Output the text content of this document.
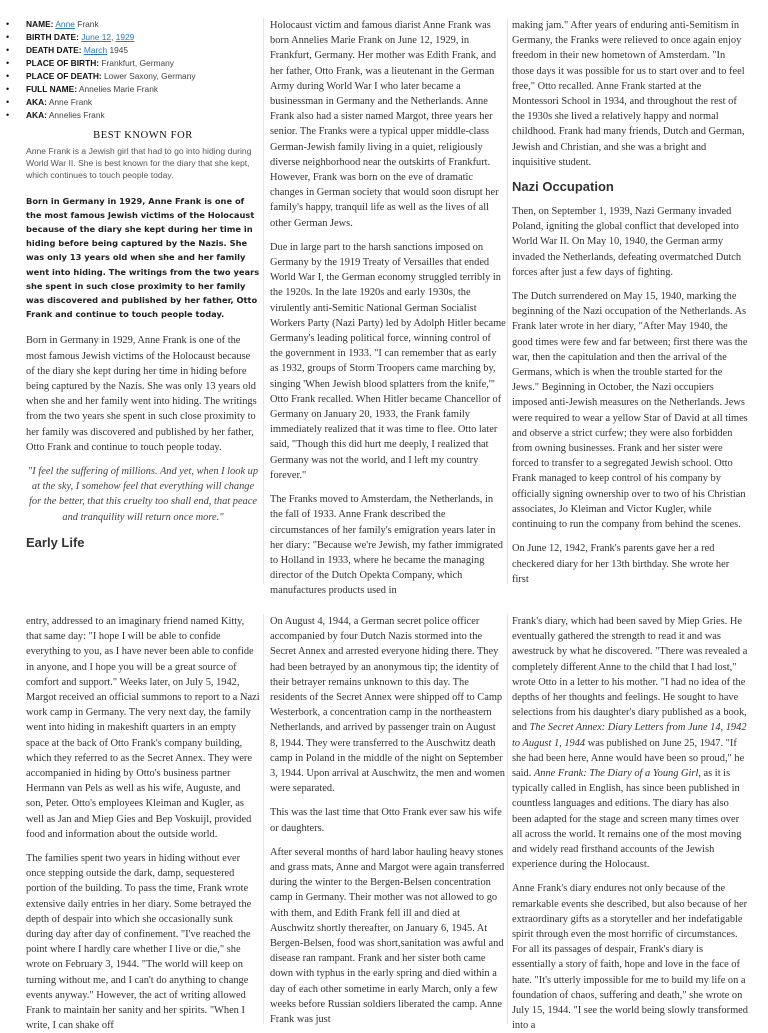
• NAME: Anne Frank
• BIRTH DATE: June 12, 1929
• DEATH DATE: March 1945
• PLACE OF BIRTH: Frankfurt, Germany
• PLACE OF DEATH: Lower Saxony, Germany
• FULL NAME: Annelies Marie Frank
• AKA: Anne Frank
• AKA: Annelies Frank
BEST KNOWN FOR
Anne Frank is a Jewish girl that had to go into hiding during World War II. She is best known for the diary that she kept, which continues to touch people today.
Born in Germany in 1929, Anne Frank is one of the most famous Jewish victims of the Holocaust because of the diary she kept during her time in hiding before being captured by the Nazis. She was only 13 years old when she and her family went into hiding. The writings from the two years she spent in such close proximity to her family was discovered and published by her father, Otto Frank and continue to touch people today.

Born in Germany in 1929, Anne Frank is one of the most famous Jewish victims of the Holocaust because of the diary she kept during her time in hiding before being captured by the Nazis. She was only 13 years old when she and her family went into hiding. The writings from the two years she spent in such close proximity to her family was discovered and published by her father, Otto Frank and continue to touch people today.

"I feel the suffering of millions. And yet, when I look up at the sky, I somehow feel that everything will change for the better, that this cruelty too shall end, that peace and tranquility will return once more."
Early Life

Holocaust victim and famous diarist Anne Frank was born Annelies Marie Frank on June 12, 1929, in Frankfurt, Germany. Her mother was Edith Frank, and her father, Otto Frank, was a lieutenant in the German Army during World War I who later became a businessman in Germany and the Netherlands. Anne Frank also had a sister named Margot, three years her senior. The Franks were a typical upper middle-class German-Jewish family living in a quiet, religiously diverse neighborhood near the outskirts of Frankfurt. However, Frank was born on the eve of dramatic changes in German society that would soon disrupt her family's happy, tranquil life as well as the lives of all other German Jews.

Due in large part to the harsh sanctions imposed on Germany by the 1919 Treaty of Versailles that ended World War I, the German economy struggled terribly in the 1920s. In the late 1920s and early 1930s, the virulently anti-Semitic National German Socialist Workers Party (Nazi Party) led by Adolph Hitler became Germany's leading political force, winning control of the government in 1933. "I can remember that as early as 1932, groups of Storm Troopers came marching by, singing 'When Jewish blood splatters from the knife,'" Otto Frank recalled. When Hitler became Chancellor of Germany on January 20, 1933, the Frank family immediately realized that it was time to flee. Otto later said, "Though this did hurt me deeply, I realized that Germany was not the world, and I left my country forever."

The Franks moved to Amsterdam, the Netherlands, in the fall of 1933. Anne Frank described the circumstances of her family's emigration years later in her diary: "Because we're Jewish, my father immigrated to Holland in 1933, where he became the managing director of the Dutch Opekta Company, which manufactures products used in

making jam." After years of enduring anti-Semitism in Germany, the Franks were relieved to once again enjoy freedom in their new hometown of Amsterdam. "In those days it was possible for us to start over and to feel free," Otto recalled. Anne Frank started at the Montessori School in 1934, and throughout the rest of the 1930s she lived a relatively happy and normal childhood. Frank had many friends, Dutch and German, Jewish and Christian, and she was a bright and inquisitive student.

Nazi Occupation

Then, on September 1, 1939, Nazi Germany invaded Poland, igniting the global conflict that developed into World War II. On May 10, 1940, the German army invaded the Netherlands, defeating overmatched Dutch forces after just a few days of fighting.

The Dutch surrendered on May 15, 1940, marking the beginning of the Nazi occupation of the Netherlands. As Frank later wrote in her diary, "After May 1940, the good times were few and far between; first there was the war, then the capitulation and then the arrival of the Germans, which is when the trouble started for the Jews." Beginning in October, the Nazi occupiers imposed anti-Jewish measures on the Netherlands. Jews were required to wear a yellow Star of David at all times and observe a strict curfew; they were also forbidden from owning businesses. Frank and her sister were forced to transfer to a segregated Jewish school. Otto Frank managed to keep control of his company by officially signing ownership over to two of his Christian associates, Jo Kleiman and Victor Kugler, while continuing to run the company from behind the scenes.

On June 12, 1942, Frank's parents gave her a red checkered diary for her 13th birthday. She wrote her first

entry, addressed to an imaginary friend named Kitty, that same day: "I hope I will be able to confide everything to you, as I have never been able to confide in anyone, and I hope you will be a great source of comfort and support." Weeks later, on July 5, 1942, Margot received an official summons to report to a Nazi work camp in Germany. The very next day, the family went into hiding in makeshift quarters in an empty space at the back of Otto Frank's company building, which they referred to as the Secret Annex. They were accompanied in hiding by Otto's business partner Hermann van Pels as well as his wife, Auguste, and son, Peter. Otto's employees Kleiman and Kugler, as well as Jan and Miep Gies and Bep Voskuijl, provided food and information about the outside world.

The families spent two years in hiding without ever once stepping outside the dark, damp, sequestered portion of the building. To pass the time, Frank wrote extensive daily entries in her diary. Some betrayed the depth of despair into which she occasionally sunk during day after day of confinement. "I've reached the point where I hardly care whether I live or die," she wrote on February 3, 1944. "The world will keep on turning without me, and I can't do anything to change events anyway." However, the act of writing allowed Frank to maintain her sanity and her spirits. "When I write, I can shake off

On August 4, 1944, a German secret police officer accompanied by four Dutch Nazis stormed into the Secret Annex and arrested everyone hiding there. They had been betrayed by an anonymous tip; the identity of their betrayer remains unknown to this day. The residents of the Secret Annex were shipped off to Camp Westerbork, a concentration camp in the northeastern Netherlands, and arrived by passenger train on August 8, 1944. They were transferred to the Auschwitz death camp in Poland in the middle of the night on September 3, 1944. Upon arrival at Auschwitz, the men and women were separated.

This was the last time that Otto Frank ever saw his wife or daughters.

After several months of hard labor hauling heavy stones and grass mats, Anne and Margot were again transferred during the winter to the Bergen-Belsen concentration camp in Germany. Their mother was not allowed to go with them, and Edith Frank fell ill and died at Auschwitz shortly thereafter, on January 6, 1945. At Bergen-Belsen, food was short,sanitation was awful and disease ran rampant. Frank and her sister both came down with typhus in the early spring and died within a day of each other sometime in early March, only a few weeks before Russian soldiers liberated the camp. Anne Frank was just

Frank's diary, which had been saved by Miep Gries. He eventually gathered the strength to read it and was awestruck by what he discovered. "There was revealed a completely different Anne to the child that I had lost," wrote Otto in a letter to his mother. "I had no idea of the depths of her thoughts and feelings. He sought to have selections from his daughter's diary published as a book, and The Secret Annex: Diary Letters from June 14, 1942 to August 1, 1944 was published on June 25, 1947. "If she had been here, Anne would have been so proud," he said. Anne Frank: The Diary of a Young Girl, as it is typically called in English, has since been published in countless languages and editions. The diary has also been adapted for the stage and screen many times over all across the world. It remains one of the most moving and widely read firsthand accounts of the Jewish experience during the Holocaust.

Anne Frank's diary endures not only because of the remarkable events she described, but also because of her extraordinary gifts as a storyteller and her indefatigable spirit through even the most horrific of circumstances. For all its passages of despair, Frank's diary is essentially a story of faith, hope and love in the face of hate. "It's utterly impossible for me to build my life on a foundation of chaos, suffering and death," she wrote on July 15, 1944. "I see the world being slowly transformed into a
